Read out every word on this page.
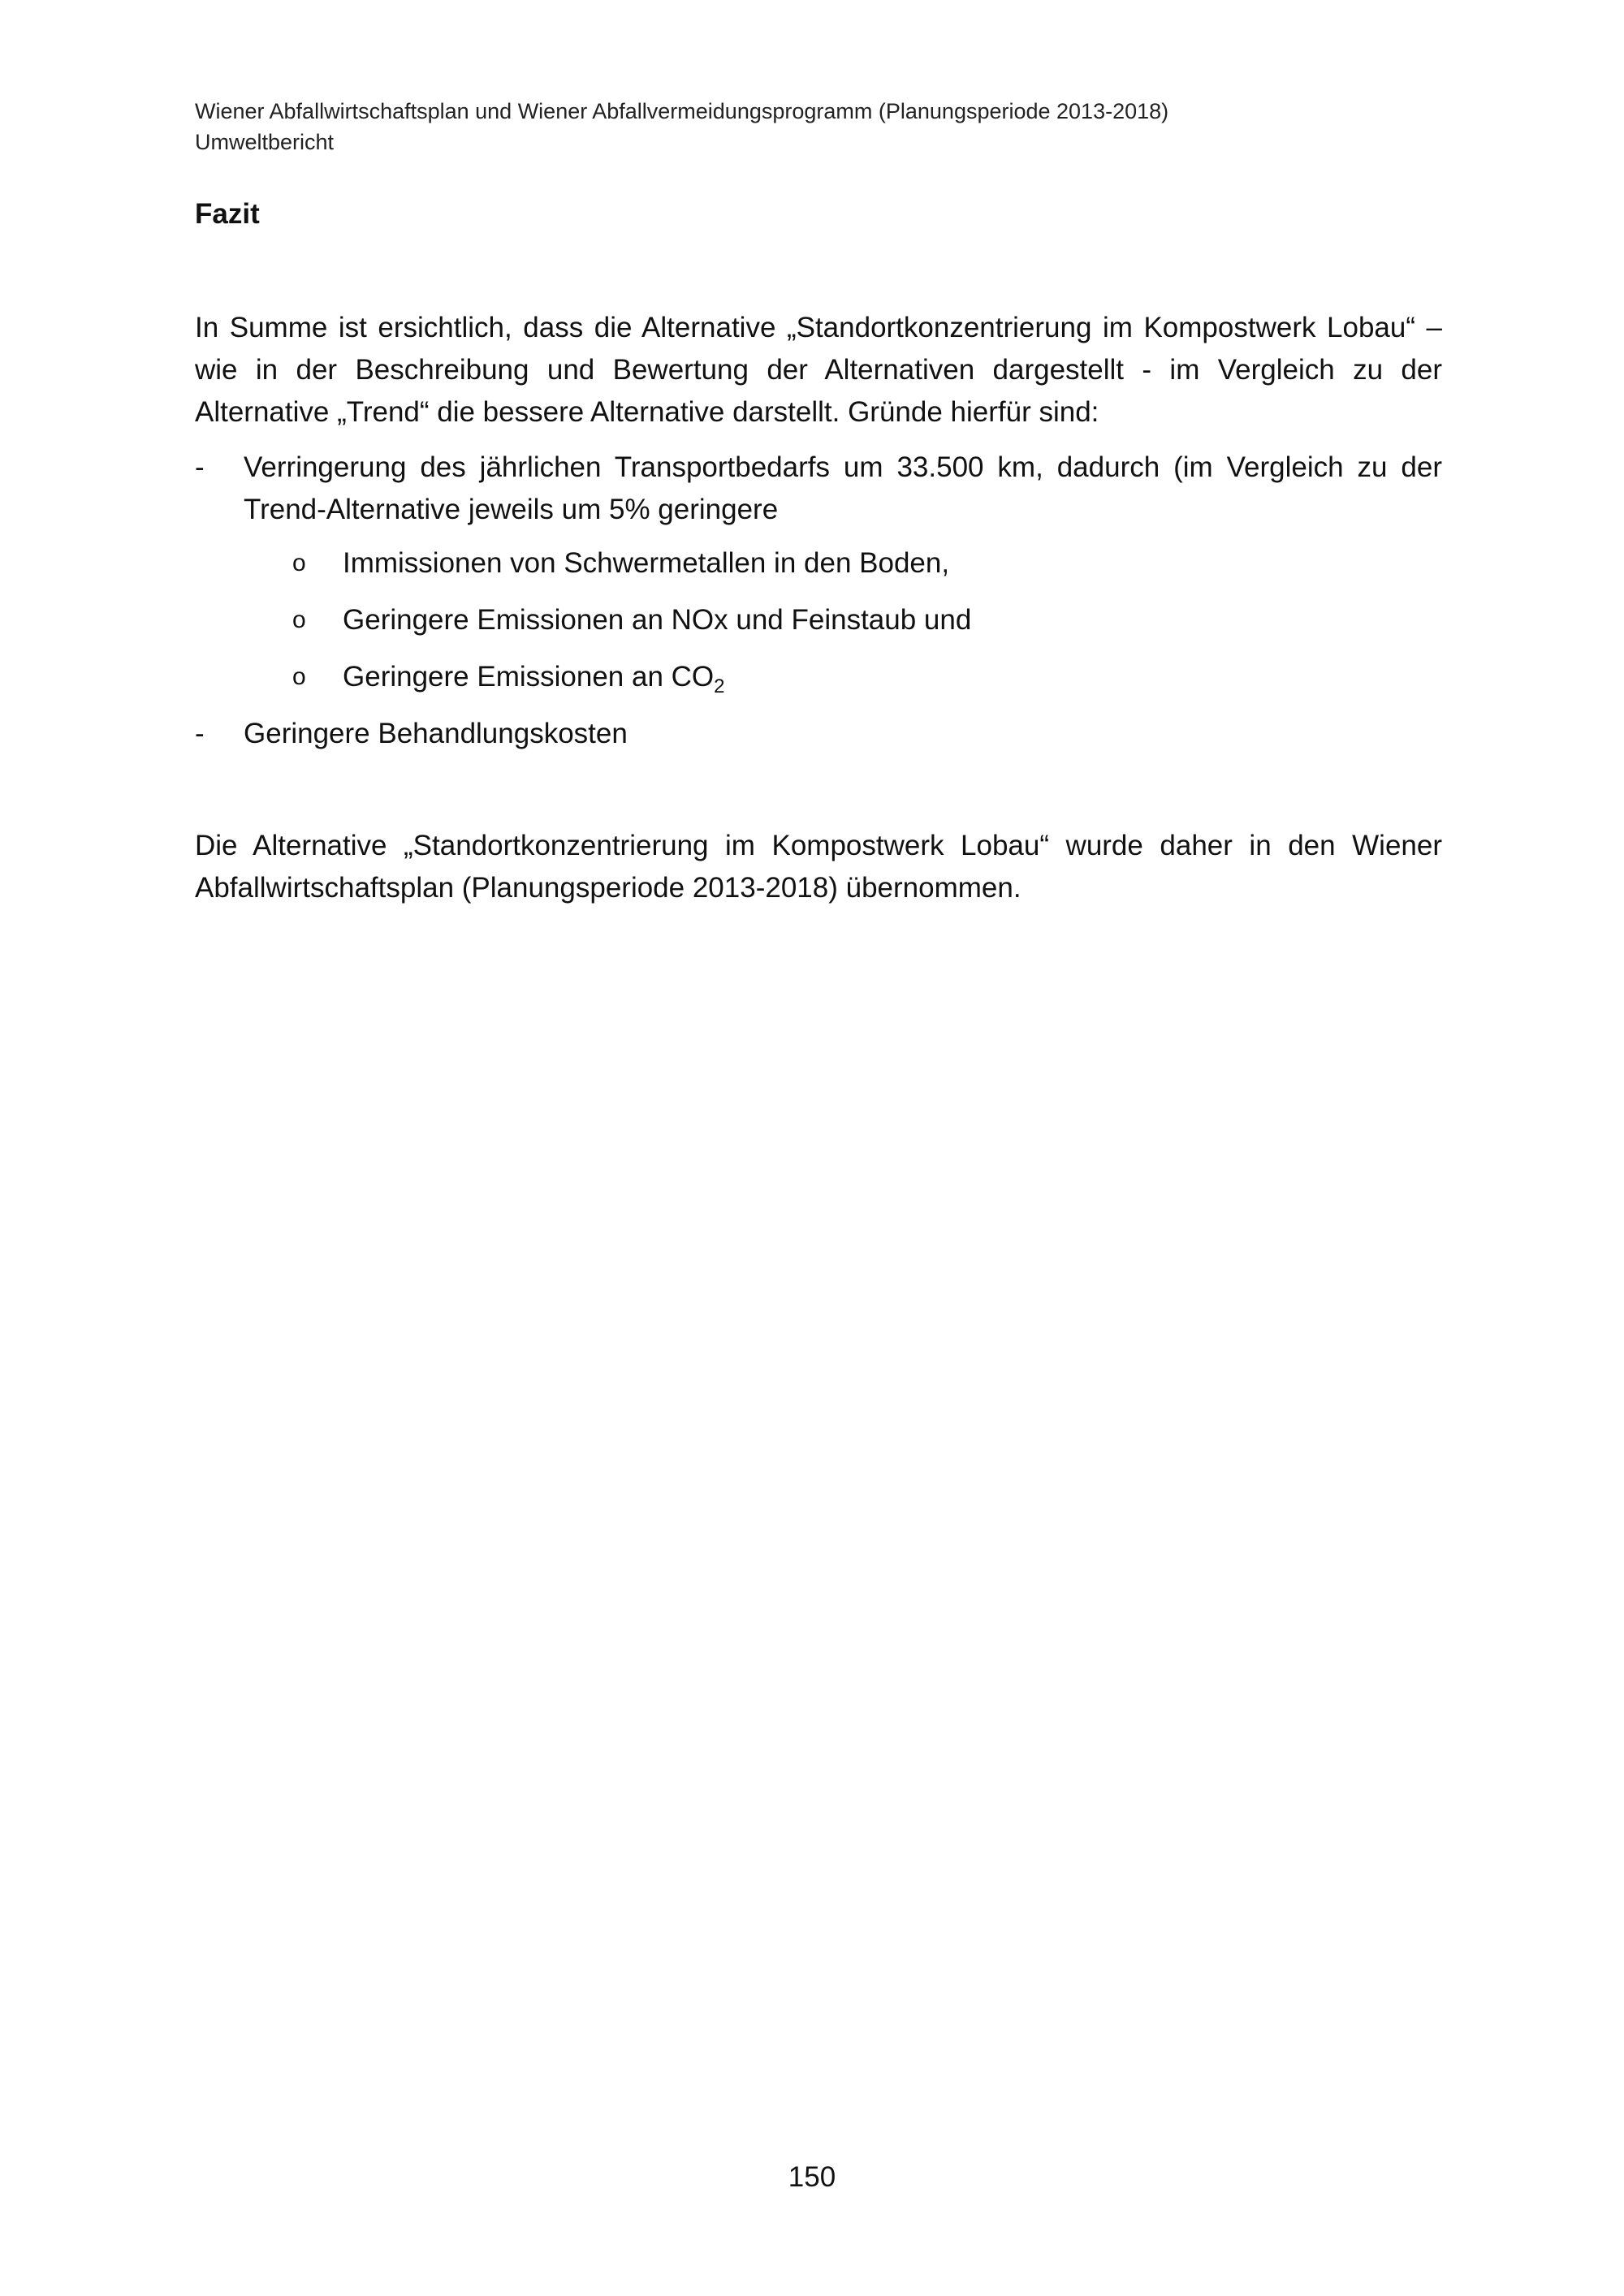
Wiener Abfallwirtschaftsplan und Wiener Abfallvermeidungsprogramm (Planungsperiode 2013-2018)
Umweltbericht
Fazit
In Summe ist ersichtlich, dass die Alternative „Standortkonzentrierung im Kompostwerk Lobau“ – wie in der Beschreibung und Bewertung der Alternativen dargestellt - im Vergleich zu der Alternative „Trend“ die bessere Alternative darstellt. Gründe hierfür sind:
-	Verringerung des jährlichen Transportbedarfs um 33.500 km, dadurch (im Vergleich zu der Trend-Alternative jeweils um 5% geringere
o Immissionen von Schwermetallen in den Boden,
o Geringere Emissionen an NOx und Feinstaub und
o Geringere Emissionen an $CO_2$
-	Geringere Behandlungskosten
Die Alternative „Standortkonzentrierung im Kompostwerk Lobau“ wurde daher in den Wiener Abfallwirtschaftsplan (Planungsperiode 2013-2018) übernommen.
150
